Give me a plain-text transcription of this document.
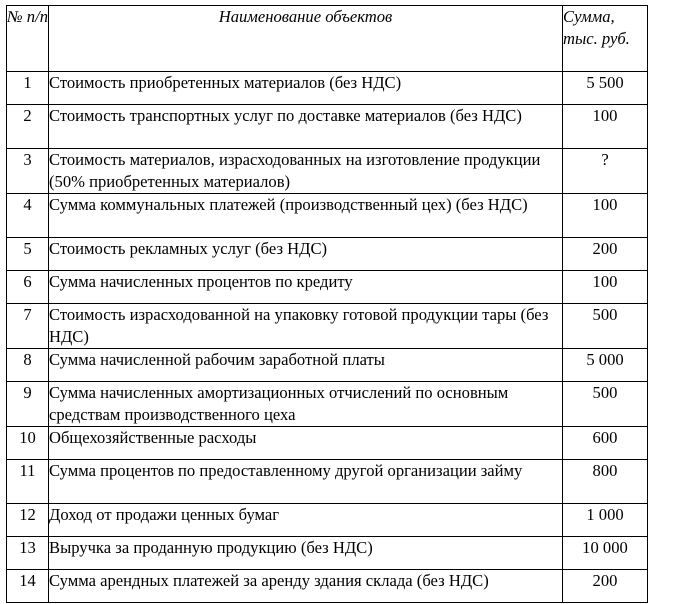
№ п/п	Наименование объектов	Сумма, тыс. руб.
1	Стоимость приобретенных материалов (без НДС)	5 500
2	Стоимость транспортных услуг по доставке материалов (без НДС)	100
3	Стоимость материалов, израсходованных на изготовление продукции (50% приобретенных материалов)	?
4	Сумма коммунальных платежей (производственный цех) (без НДС)	100
5	Стоимость рекламных услуг (без НДС)	200
6	Сумма начисленных процентов по кредиту	100
7	Стоимость израсходованной на упаковку готовой продукции тары (без НДС)	500
8	Сумма начисленной рабочим заработной платы	5 000
9	Сумма начисленных амортизационных отчислений по основным средствам производственного цеха	500
10	Общехозяйственные расходы	600
11	Сумма процентов по предоставленному другой организации займу	800
12	Доход от продажи ценных бумаг	1 000
13	Выручка за проданную продукцию (без НДС)	10 000
14	Сумма арендных платежей за аренду здания склада (без НДС)	200
